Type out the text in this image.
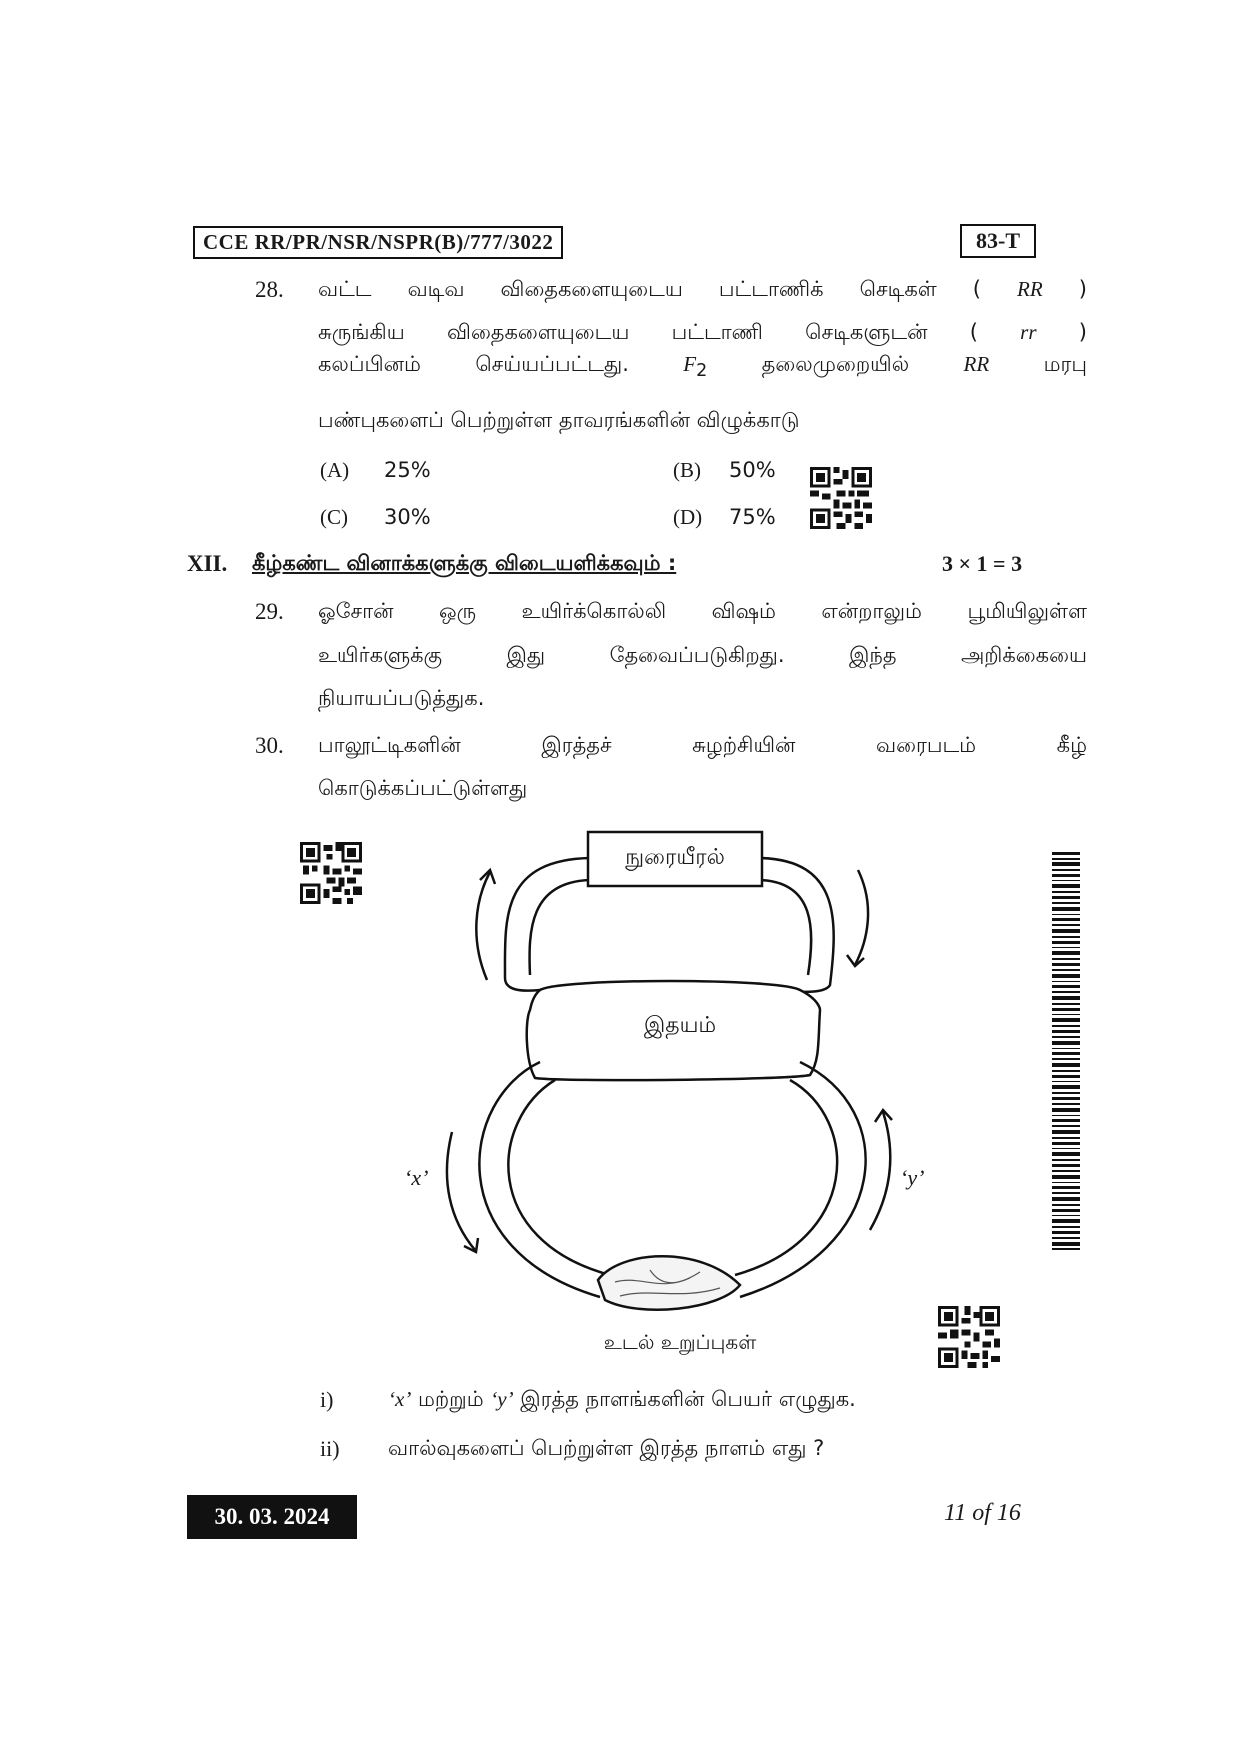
CCE RR/PR/NSR/NSPR(B)/777/3022	83-T
28. வட்ட வடிவ விதைகளையுடைய பட்டாணிக் செடிகள் ( RR )
சுருங்கிய விதைகளையுடைய பட்டாணி செடிகளுடன் ( rr )
கலப்பினம்	செய்யப்பட்டது.	$F_2$	தலைமுறையில்	RR	மரபு
பண்புகளைப் பெற்றுள்ள தாவரங்களின் விழுக்காடு
(A) 25%	(B) 50%
(C) 30%	(D) 75%
XII. கீழ்கண்ட வினாக்களுக்கு விடையளிக்கவும் :	3 × 1 = 3
29. ஓசோன் ஒரு உயிர்க்கொல்லி விஷம் என்றாலும் பூமியிலுள்ள
உயிர்களுக்கு	இது	தேவைப்படுகிறது.	இந்த	அறிக்கையை
நியாயப்படுத்துக.
30. பாலூட்டிகளின்	இரத்தச்	சுழற்சியின்	வரைபடம்	கீழ்
கொடுக்கப்பட்டுள்ளது
நுரையீரல்
இதயம்
‘x’	‘y’
உடல் உறுப்புகள்
i)	‘x’ மற்றும் ‘y’ இரத்த நாளங்களின் பெயர் எழுதுக.
ii) வால்வுகளைப் பெற்றுள்ள இரத்த நாளம் எது ?
30. 03. 2024	11 of 16
